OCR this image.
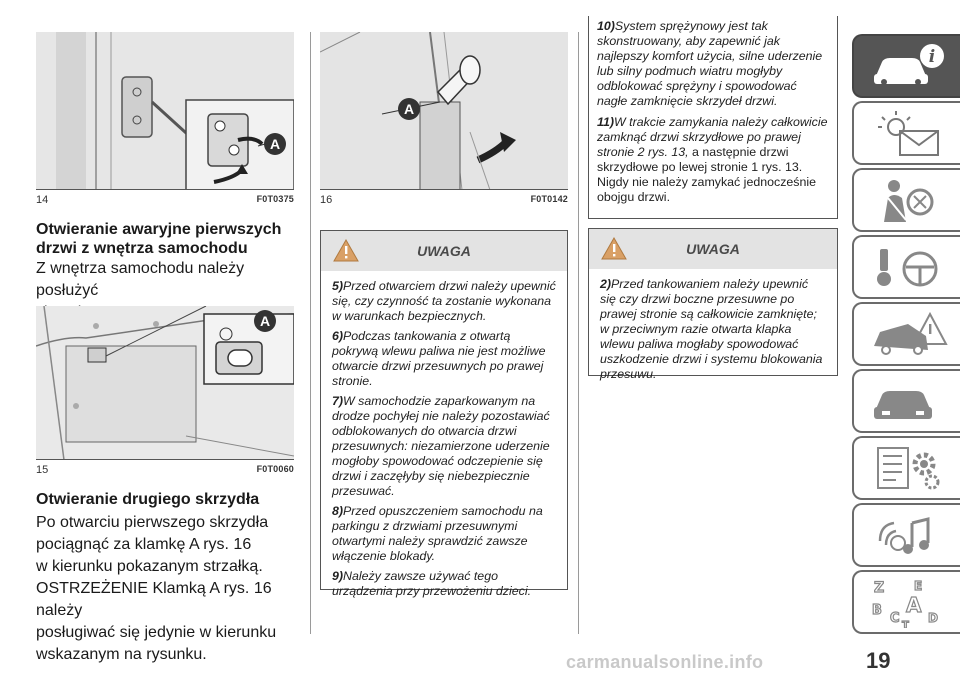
A
14	F0T0375
Otwieranie awaryjne pierwszych
drzwi z wnętrza samochodu
Z wnętrza samochodu należy posłużyć
A
15	F0T0060
Otwieranie drugiego skrzydła
Po otwarciu pierwszego skrzydła
pociągnąć za klamkę A rys. 16
w kierunku pokazanym strzałką.
OSTRZEŻENIE Klamką A rys. 16 należy
posługiwać się jedynie w kierunku
wskazanym na rysunku.
A
16	F0T0142
UWAGA
5)Przed otwarciem drzwi należy upewnić się, czy czynność ta zostanie wykonana w warunkach bezpiecznych.
6)Podczas tankowania z otwartą pokrywą wlewu paliwa nie jest możliwe otwarcie drzwi przesuwnych po prawej stronie.
7)W samochodzie zaparkowanym na drodze pochyłej nie należy pozostawiać odblokowanych do otwarcia drzwi przesuwnych: niezamierzone uderzenie mogłoby spowodować odczepienie się drzwi i zaczęłyby się niebezpiecznie przesuwać.
8)Przed opuszczeniem samochodu na parkingu z drzwiami przesuwnymi otwartymi należy sprawdzić zawsze włączenie blokady.
9)Należy zawsze używać tego urządzenia przy przewożeniu dzieci.
10)System sprężynowy jest tak skonstruowany, aby zapewnić jak najlepszy komfort użycia, silne uderzenie lub silny podmuch wiatru mogłyby odblokować sprężyny i spowodować nagłe zamknięcie skrzydeł drzwi.
11)W trakcie zamykania należy całkowicie zamknąć drzwi skrzydłowe po prawej stronie 2 rys. 13, a następnie drzwi skrzydłowe po lewej stronie 1 rys. 13. Nigdy nie należy zamykać jednocześnie obojgu drzwi.
UWAGA
2)Przed tankowaniem należy upewnić się czy drzwi boczne przesuwne po prawej stronie są całkowicie zamknięte; w przeciwnym razie otwarta klapka wlewu paliwa mogłaby spowodować uszkodzenie drzwi i systemu blokowania przesuwu.
i
Z E
B
C
A
D
T
carmanualsonline.info	19
